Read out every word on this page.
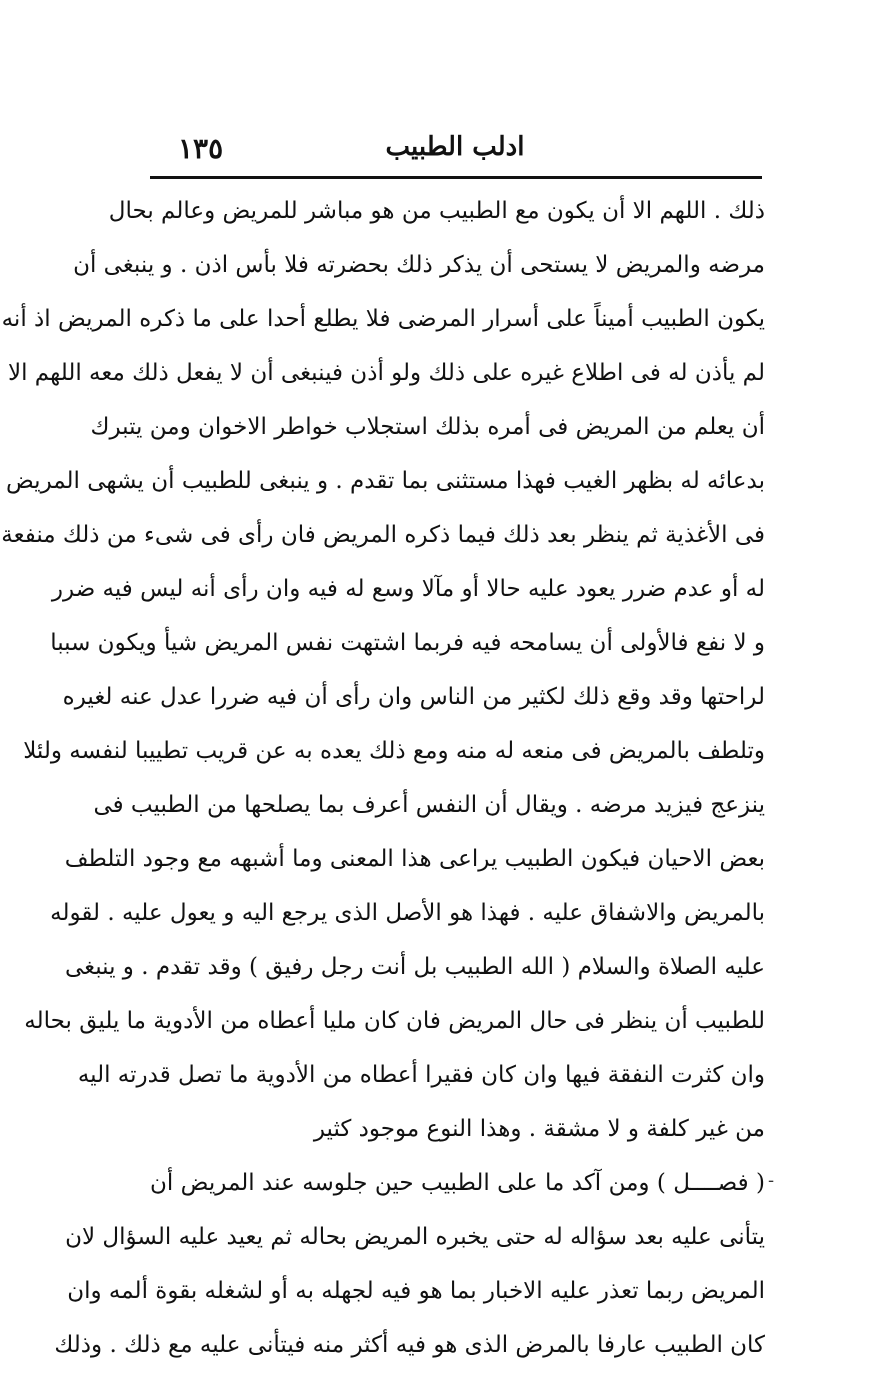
١٣٥	ادلب الطبيب
ذلك . اللهم الا أن يكون مع الطبيب من هو مباشر للمريض وعالم بحال
مرضه والمريض لا يستحى أن يذكر ذلك بحضرته فلا بأس اذن . و ينبغى أن
يكون الطبيب أميناً على أسرار المرضى فلا يطلع أحدا على ما ذكره المريض اذ أنه
لم يأذن له فى اطلاع غيره على ذلك ولو أذن فينبغى أن لا يفعل ذلك معه اللهم الا
أن يعلم من المريض فى أمره بذلك استجلاب خواطر الاخوان ومن يتبرك
بدعائه له بظهر الغيب فهذا مستثنى بما تقدم . و ينبغى للطبيب أن يشهى المريض
فى الأغذية ثم ينظر بعد ذلك فيما ذكره المريض فان رأى فى شىء من ذلك منفعة
له أو عدم ضرر يعود عليه حالا أو مآلا وسع له فيه وان رأى أنه ليس فيه ضرر
و لا نفع فالأولى أن يسامحه فيه فربما اشتهت نفس المريض شيأ ويكون سببا
لراحتها وقد وقع ذلك لكثير من الناس وان رأى أن فيه ضررا عدل عنه لغيره
وتلطف بالمريض فى منعه له منه ومع ذلك يعده به عن قريب تطييبا لنفسه ولئلا
ينزعج فيزيد مرضه . ويقال أن النفس أعرف بما يصلحها من الطبيب فى
بعض الاحيان فيكون الطبيب يراعى هذا المعنى وما أشبهه مع وجود التلطف
بالمريض والاشفاق عليه . فهذا هو الأصل الذى يرجع اليه و يعول عليه . لقوله
عليه الصلاة والسلام ( الله الطبيب بل أنت رجل رفيق ) وقد تقدم . و ينبغى
للطبيب أن ينظر فى حال المريض فان كان مليا أعطاه من الأدوية ما يليق بحاله
وان كثرت النفقة فيها وان كان فقيرا أعطاه من الأدوية ما تصل قدرته اليه
من غير كلفة و لا مشقة . وهذا النوع موجود كثير
( فصــــل ) ومن آكد ما على الطبيب حين جلوسه عند المريض أن
يتأنى عليه بعد سؤاله له حتى يخبره المريض بحاله ثم يعيد عليه السؤال لان
المريض ربما تعذر عليه الاخبار بما هو فيه لجهله به أو لشغله بقوة ألمه وان
كان الطبيب عارفا بالمرض الذى هو فيه أكثر منه فيتأنى عليه مع ذلك . وذلك
-
